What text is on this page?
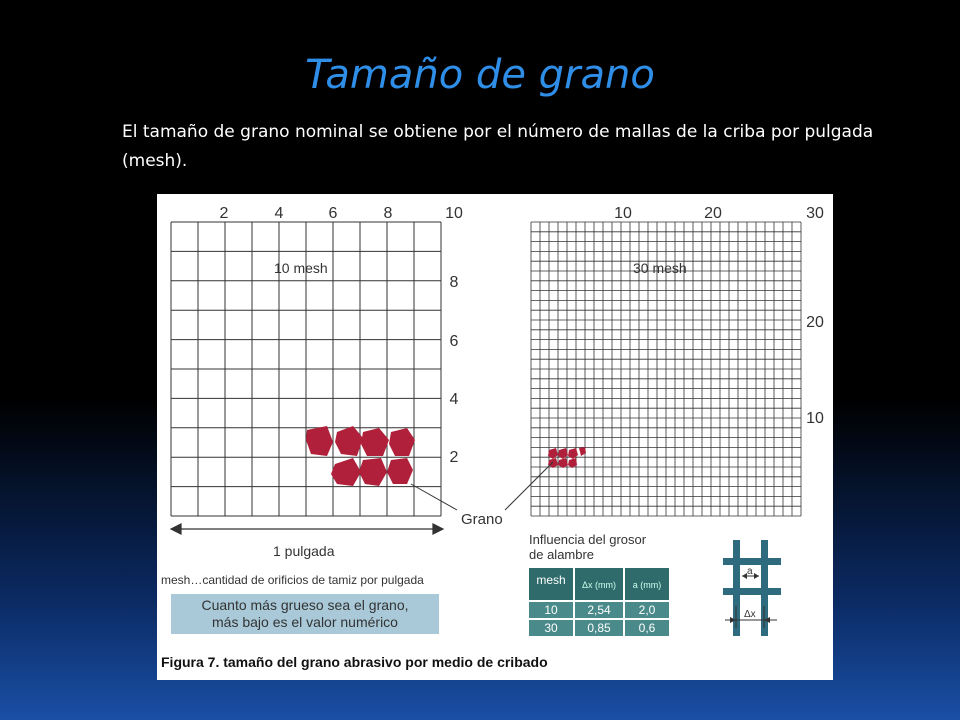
Tamaño de grano
El tamaño de grano nominal se obtiene por el número de mallas de la criba por pulgada (mesh).
2	4	6	8	10
8
6
4
2
10 mesh
10	20	30
20
10
30 mesh
Grano
1 pulgada
mesh…cantidad de orificios de tamiz por pulgada
Cuanto más grueso sea el grano,
más bajo es el valor numérico
Influencia del grosor
de alambre
mesh Δx (mm) a (mm)
10 2,54 2,0
30 0,85 0,6
a
Δx
Figura 7. tamaño del grano abrasivo por medio de cribado
